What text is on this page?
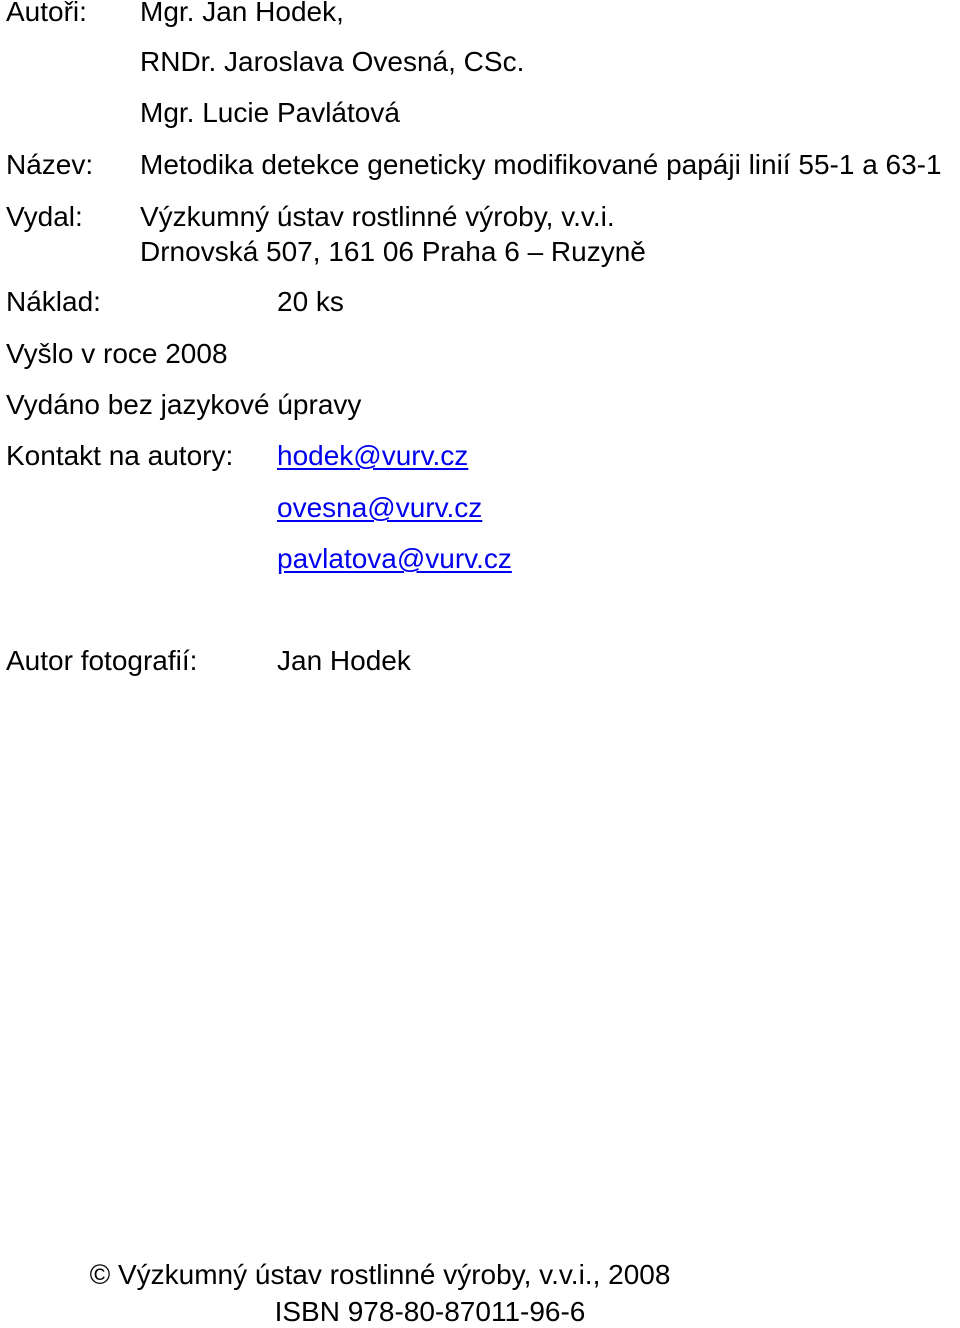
Autoři: Mgr. Jan Hodek,
RNDr. Jaroslava Ovesná, CSc.
Mgr. Lucie Pavlátová
Název: Metodika detekce geneticky modifikované papáji linií 55-1 a 63-1
Vydal: Výzkumný ústav rostlinné výroby, v.v.i.
Drnovská 507, 161 06 Praha 6 – Ruzyně
Náklad:	20 ks
Vyšlo v roce 2008
Vydáno bez jazykové úpravy
Kontakt na autory: hodek@vurv.cz
ovesna@vurv.cz
pavlatova@vurv.cz
Autor fotografií:	Jan Hodek
© Výzkumný ústav rostlinné výroby, v.v.i., 2008
ISBN 978-80-87011-96-6
